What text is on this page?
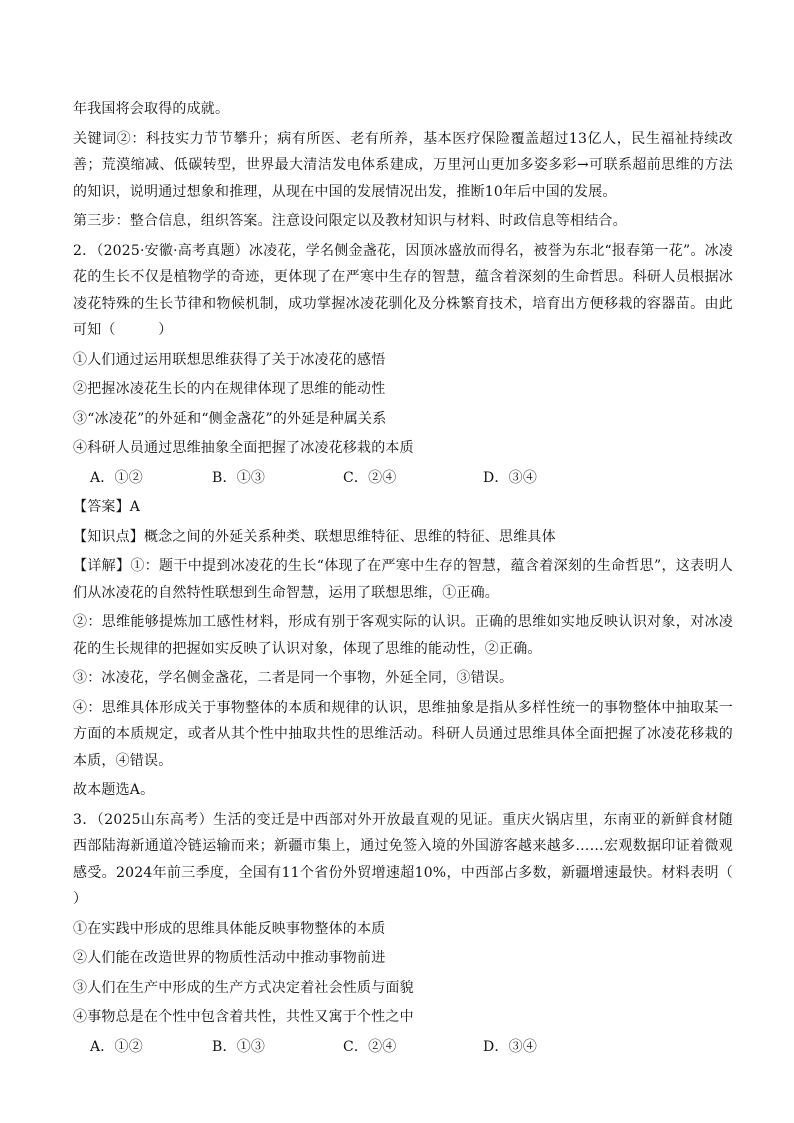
年我国将会取得的成就。

关键词②：科技实力节节攀升；病有所医、老有所养，基本医疗保险覆盖超过13亿人，民生福祉持续改善；荒漠缩减、低碳转型，世界最大清洁发电体系建成，万里河山更加多姿多彩→可联系超前思维的方法的知识，说明通过想象和推理，从现在中国的发展情况出发，推断10年后中国的发展。

第三步：整合信息，组织答案。注意设问限定以及教材知识与材料、时政信息等相结合。

2．（2025·安徽·高考真题）冰凌花，学名侧金盏花，因顶冰盛放而得名，被誉为东北“报春第一花”。冰凌花的生长不仅是植物学的奇迹，更体现了在严寒中生存的智慧，蕴含着深刻的生命哲思。科研人员根据冰凌花特殊的生长节律和物候机制，成功掌握冰凌花驯化及分株繁育技术，培育出方便移栽的容器苗。由此可知（　　　）

①人们通过运用联想思维获得了关于冰凌花的感悟

②把握冰凌花生长的内在规律体现了思维的能动性

③“冰凌花”的外延和“侧金盏花”的外延是种属关系

④科研人员通过思维抽象全面把握了冰凌花移栽的本质

A．①②	B．①③	C．②④	D．③④

【答案】A

【知识点】概念之间的外延关系种类、联想思维特征、思维的特征、思维具体

【详解】①：题干中提到冰凌花的生长“体现了在严寒中生存的智慧，蕴含着深刻的生命哲思”，这表明人们从冰凌花的自然特性联想到生命智慧，运用了联想思维，①正确。

②：思维能够提炼加工感性材料，形成有别于客观实际的认识。正确的思维如实地反映认识对象，对冰凌花的生长规律的把握如实反映了认识对象，体现了思维的能动性，②正确。

③：冰凌花，学名侧金盏花，二者是同一个事物，外延全同，③错误。

④：思维具体形成关于事物整体的本质和规律的认识，思维抽象是指从多样性统一的事物整体中抽取某一方面的本质规定，或者从其个性中抽取共性的思维活动。科研人员通过思维具体全面把握了冰凌花移栽的本质，④错误。

故本题选A。

3．（2025山东高考）生活的变迁是中西部对外开放最直观的见证。重庆火锅店里，东南亚的新鲜食材随西部陆海新通道冷链运输而来；新疆市集上，通过免签入境的外国游客越来越多……宏观数据印证着微观感受。2024年前三季度，全国有11个省份外贸增速超10%，中西部占多数，新疆增速最快。材料表明（　　　）

①在实践中形成的思维具体能反映事物整体的本质

②人们能在改造世界的物质性活动中推动事物前进

③人们在生产中形成的生产方式决定着社会性质与面貌

④事物总是在个性中包含着共性，共性又寓于个性之中

A．①②	B．①③	C．②④	D．③④
